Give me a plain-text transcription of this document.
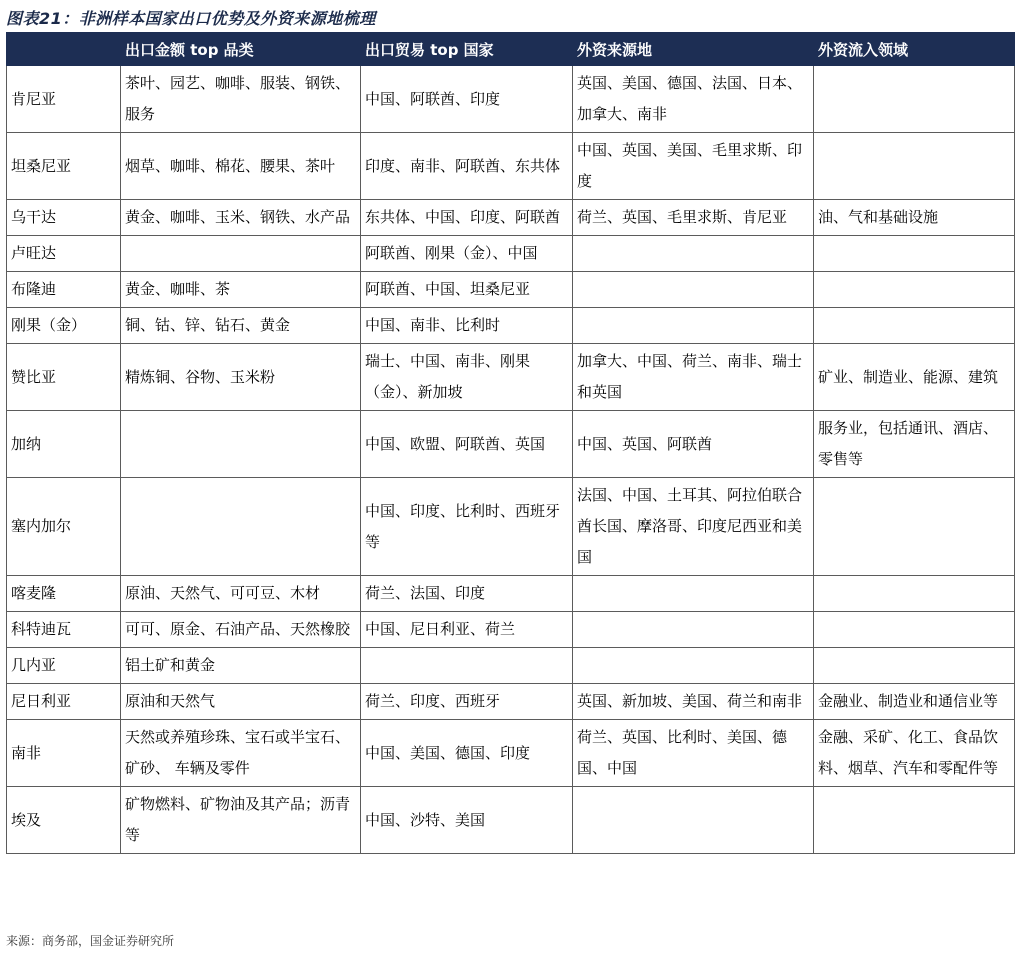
图表21：非洲样本国家出口优势及外资来源地梳理
	出口金额 top 品类	出口贸易 top 国家	外资来源地	外资流入领域
肯尼亚	茶叶、园艺、咖啡、服装、钢铁、服务	中国、阿联酋、印度	英国、美国、德国、法国、日本、加拿大、南非	
坦桑尼亚	烟草、咖啡、棉花、腰果、茶叶	印度、南非、阿联酋、东共体	中国、英国、美国、毛里求斯、印度	
乌干达	黄金、咖啡、玉米、钢铁、水产品	东共体、中国、印度、阿联酋	荷兰、英国、毛里求斯、肯尼亚	油、气和基础设施
卢旺达		阿联酋、刚果（金）、中国		
布隆迪	黄金、咖啡、茶	阿联酋、中国、坦桑尼亚		
刚果（金）	铜、钴、锌、钻石、黄金	中国、南非、比利时		
赞比亚	精炼铜、谷物、玉米粉	瑞士、中国、南非、刚果（金）、新加坡	加拿大、中国、荷兰、南非、瑞士和英国	矿业、制造业、能源、建筑
加纳		中国、欧盟、阿联酋、英国	中国、英国、阿联酋	服务业，包括通讯、酒店、零售等
塞内加尔		中国、印度、比利时、西班牙等	法国、中国、土耳其、阿拉伯联合酋长国、摩洛哥、印度尼西亚和美国	
喀麦隆	原油、天然气、可可豆、木材	荷兰、法国、印度		
科特迪瓦	可可、原金、石油产品、天然橡胶	中国、尼日利亚、荷兰		
几内亚	铝土矿和黄金			
尼日利亚	原油和天然气	荷兰、印度、西班牙	英国、新加坡、美国、荷兰和南非	金融业、制造业和通信业等
南非	天然或养殖珍珠、宝石或半宝石、矿砂、 车辆及零件	中国、美国、德国、印度	荷兰、英国、比利时、美国、德国、中国	金融、采矿、化工、食品饮料、烟草、汽车和零配件等
埃及	矿物燃料、矿物油及其产品；沥青等	中国、沙特、美国		
来源：商务部，国金证券研究所
